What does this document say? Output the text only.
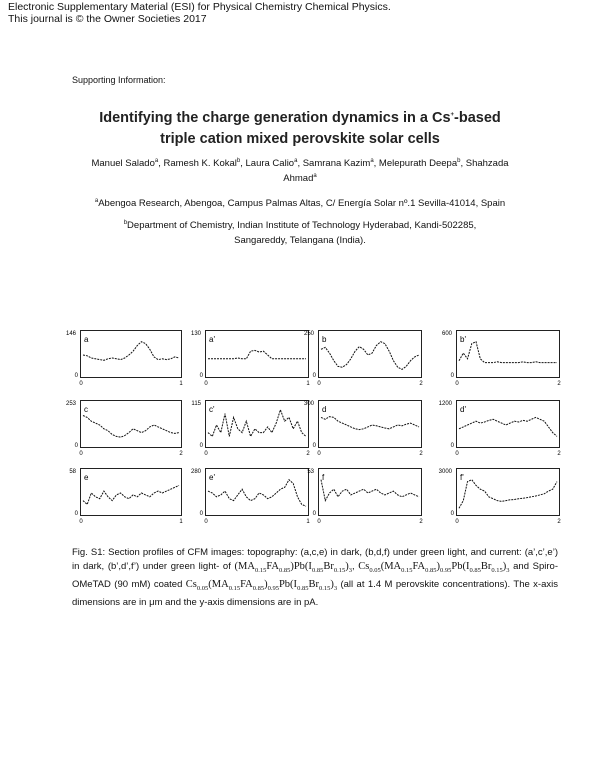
Electronic Supplementary Material (ESI) for Physical Chemistry Chemical Physics.
This journal is © the Owner Societies 2017
Supporting Information:
Identifying the charge generation dynamics in a Cs+-based
triple cation mixed perovskite solar cells
Manuel Salado$^a$, Ramesh K. Kokal$^b$, Laura Calio$^a$, Samrana Kazim$^a$, Melepurath Deepa$^b$, Shahzada
Ahmad$^a$
$^a$Abengoa Research, Abengoa, Campus Palmas Altas, C/ Energía Solar nº.1 Sevilla-41014, Spain
$^b$Department of Chemistry, Indian Institute of Technology Hyderabad, Kandi-502285,
Sangareddy, Telangana (India).
a
146
0
0	1
a'
130
0
0	1
b
250
0
0	2
b'
600
0
0	2
c
253
0
0	2
c'
115
0
0	2
d
300
0
0	2
d'
1200
0
0	2
e
58
0
0	1
e'
280
0
0	1
f
53
0
0	2
f'
3000
0
0	2
Fig. S1: Section profiles of CFM images: topography: (a,c,e) in dark, (b,d,f) under green light, and current: (a’,c’,e’) in dark, (b’,d’,f’) under green light- of $(MA_{0.15}FA_{0.85})Pb(I_{0.85}Br_{0.15})_3$, $Cs_{0.05}(MA_{0.15}FA_{0.85})_{0.95}Pb(I_{0.85}Br_{0.15})_3$ and Spiro-OMeTAD (90 mM) coated $Cs_{0.05}(MA_{0.15}FA_{0.85})_{0.95}Pb(I_{0.85}Br_{0.15})_3$ (all at 1.4 M perovskite concentrations). The x-axis dimensions are in μm and the y-axis dimensions are in pA.
